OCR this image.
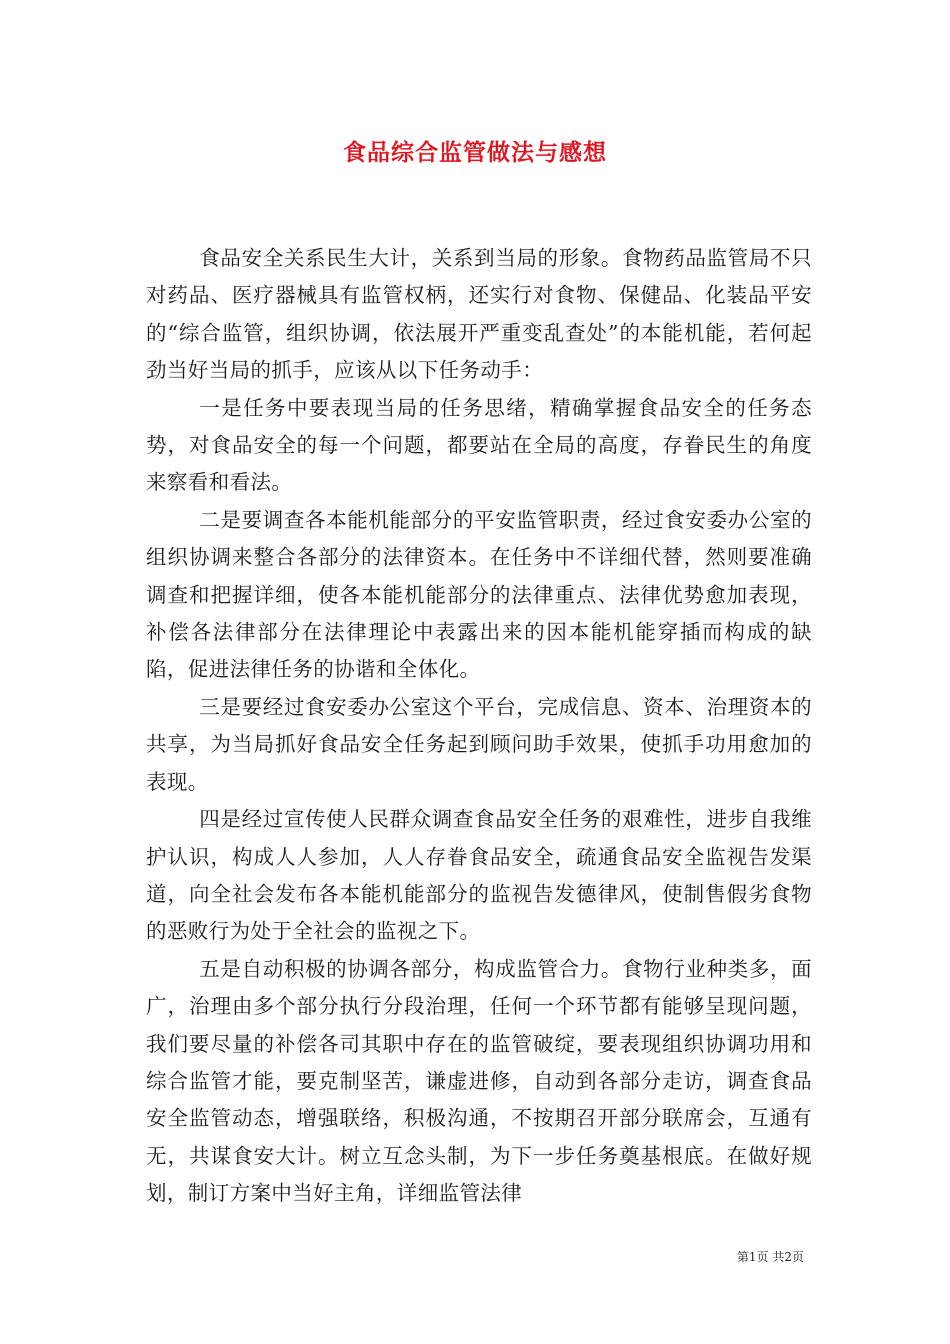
食品综合监管做法与感想

食品安全关系民生大计，关系到当局的形象。食物药品监管局不只对药品、医疗器械具有监管权柄，还实行对食物、保健品、化装品平安的“综合监管，组织协调，依法展开严重变乱查处”的本能机能，若何起劲当好当局的抓手，应该从以下任务动手：

一是任务中要表现当局的任务思绪，精确掌握食品安全的任务态势，对食品安全的每一个问题，都要站在全局的高度，存眷民生的角度来察看和看法。

二是要调查各本能机能部分的平安监管职责，经过食安委办公室的组织协调来整合各部分的法律资本。在任务中不详细代替，然则要准确调查和把握详细，使各本能机能部分的法律重点、法律优势愈加表现，补偿各法律部分在法律理论中表露出来的因本能机能穿插而构成的缺陷，促进法律任务的协谐和全体化。

三是要经过食安委办公室这个平台，完成信息、资本、治理资本的共享，为当局抓好食品安全任务起到顾问助手效果，使抓手功用愈加的表现。

四是经过宣传使人民群众调查食品安全任务的艰难性，进步自我维护认识，构成人人参加，人人存眷食品安全，疏通食品安全监视告发渠道，向全社会发布各本能机能部分的监视告发德律风，使制售假劣食物的恶败行为处于全社会的监视之下。

五是自动积极的协调各部分，构成监管合力。食物行业种类多，面广，治理由多个部分执行分段治理，任何一个环节都有能够呈现问题，我们要尽量的补偿各司其职中存在的监管破绽，要表现组织协调功用和综合监管才能，要克制坚苦，谦虚进修，自动到各部分走访，调查食品安全监管动态，增强联络，积极沟通，不按期召开部分联席会，互通有无，共谋食安大计。树立互念头制，为下一步任务奠基根底。在做好规划，制订方案中当好主角，详细监管法律

第1页 共2页
